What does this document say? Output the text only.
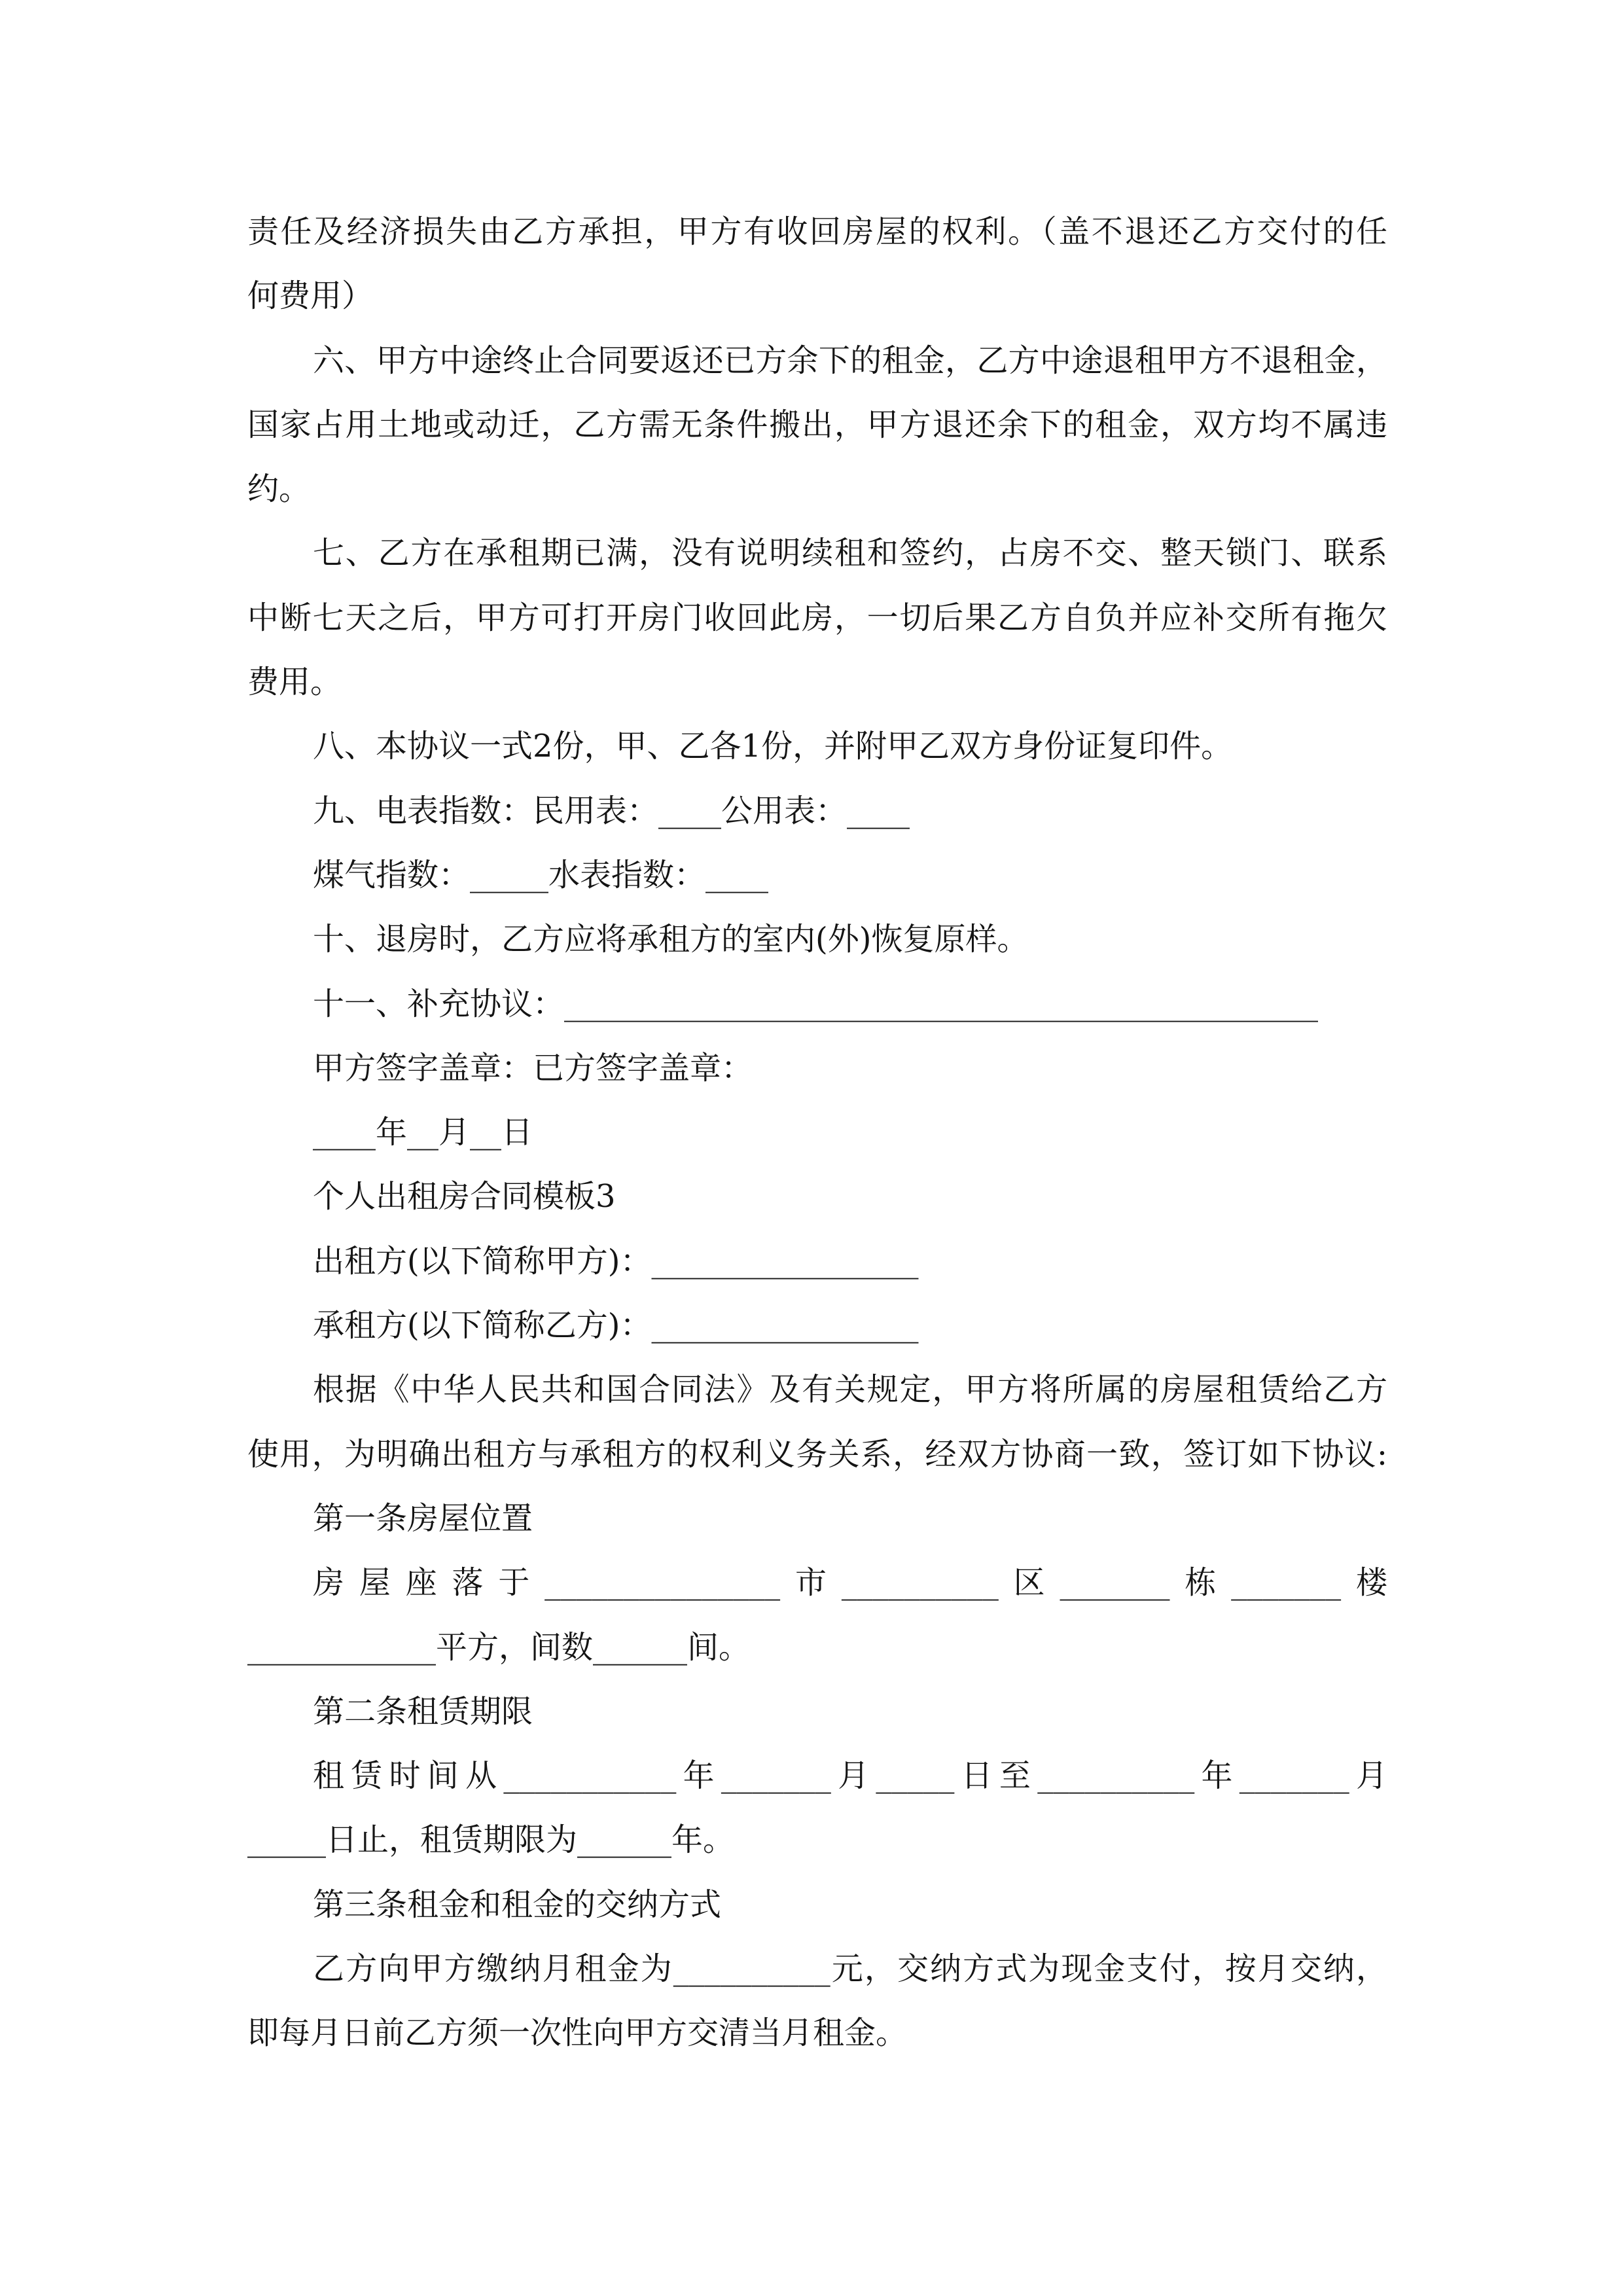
责任及经济损失由乙方承担，甲方有收回房屋的权利。（盖不退还乙方交付的任
何费用）
六、甲方中途终止合同要返还已方余下的租金，乙方中途退租甲方不退租金，
国家占用土地或动迁，乙方需无条件搬出，甲方退还余下的租金，双方均不属违
约。
七、乙方在承租期已满，没有说明续租和签约，占房不交、整天锁门、联系
中断七天之后，甲方可打开房门收回此房，一切后果乙方自负并应补交所有拖欠
费用。
八、本协议一式2份，甲、乙各1份，并附甲乙双方身份证复印件。
九、电表指数：民用表：____公用表：____
煤气指数：_____水表指数：____
十、退房时，乙方应将承租方的室内(外)恢复原样。
十一、补充协议：________________________________________________
甲方签字盖章：已方签字盖章：
____年__月__日
个人出租房合同模板3
出租方(以下简称甲方)：_________________
承租方(以下简称乙方)：_________________
根据《中华人民共和国合同法》及有关规定，甲方将所属的房屋租赁给乙方
使用，为明确出租方与承租方的权利义务关系，经双方协商一致，签订如下协议:
第一条房屋位置
房屋座落于_______________市__________区_______栋_______楼
____________平方，间数______间。
第二条租赁期限
租赁时间从___________年_______月_____日至__________年_______月
_____日止，租赁期限为______年。
第三条租金和租金的交纳方式
乙方向甲方缴纳月租金为__________元，交纳方式为现金支付，按月交纳，
即每月日前乙方须一次性向甲方交清当月租金。
